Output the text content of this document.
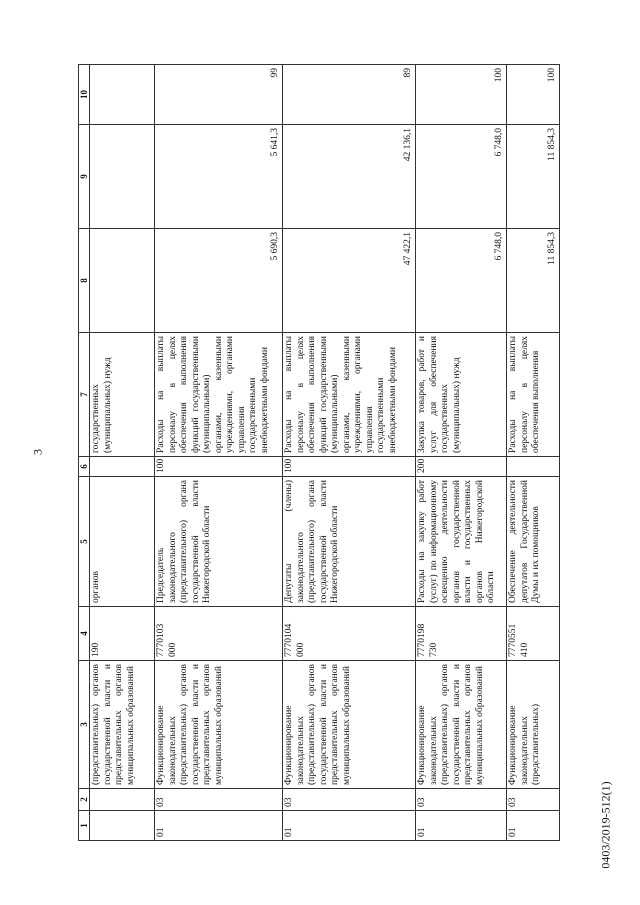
3
0403/2019-512(1)
1	2	3	4	5	6	7	8	9	10
		(представительных) органов государственной власти и представительных органов муниципальных образований	190	органов		государственных (муниципальных) нужд			
01	03	Функционирование законодательных (представительных) органов государственной власти и представительных органов муниципальных образований	7770103 000	Председатель законодательного (представительного) органа государственной власти Нижегородской области	100	Расходы на выплаты персоналу в целях обеспечения выполнения функций государственными (муниципальными) органами, казенными учреждениями, органами управления государственными внебюджетными фондами	5 690,3	5 641,3	99
01	03	Функционирование законодательных (представительных) органов государственной власти и представительных органов муниципальных образований	7770104 000	Депутаты (члены) законодательного (представительного) органа государственной власти Нижегородской области	100	Расходы на выплаты персоналу в целях обеспечения выполнения функций государственными (муниципальными) органами, казенными учреждениями, органами управления государственными внебюджетными фондами	47 422,1	42 136,1	89
01	03	Функционирование законодательных (представительных) органов государственной власти и представительных органов муниципальных образований	7770198 730	Расходы на закупку работ (услуг) по информационному освещению деятельности органов государственной власти и государственных органов Нижегородской области	200	Закупка товаров, работ и услуг для обеспечения государственных (муниципальных) нужд	6 748,0	6 748,0	100
01	03	Функционирование законодательных (представительных)	7770551 410	Обеспечение деятельности депутатов Государственной Думы и их помощников		Расходы на выплаты персоналу в целях обеспечения выполнения	11 854,3	11 854,3	100
